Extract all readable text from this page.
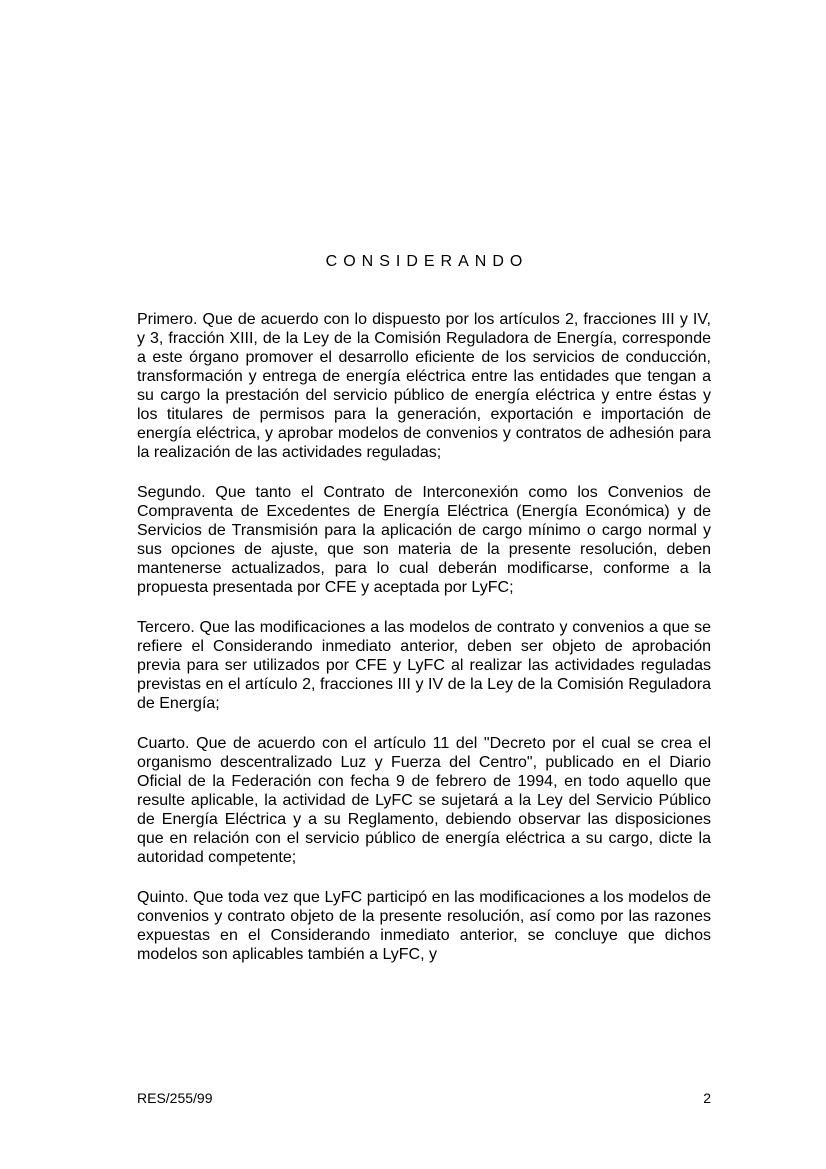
CONSIDERANDO

Primero. Que de acuerdo con lo dispuesto por los artículos 2, fracciones III y IV, y 3, fracción XIII, de la Ley de la Comisión Reguladora de Energía, corresponde a este órgano promover el desarrollo eficiente de los servicios de conducción, transformación y entrega de energía eléctrica entre las entidades que tengan a su cargo la prestación del servicio público de energía eléctrica y entre éstas y los titulares de permisos para la generación, exportación e importación de energía eléctrica, y aprobar modelos de convenios y contratos de adhesión para la realización de las actividades reguladas;

Segundo. Que tanto el Contrato de Interconexión como los Convenios de Compraventa de Excedentes de Energía Eléctrica (Energía Económica) y de Servicios de Transmisión para la aplicación de cargo mínimo o cargo normal y sus opciones de ajuste, que son materia de la presente resolución, deben mantenerse actualizados, para lo cual deberán modificarse, conforme a la propuesta presentada por CFE y aceptada por LyFC;

Tercero. Que las modificaciones a las modelos de contrato y convenios a que se refiere el Considerando inmediato anterior, deben ser objeto de aprobación previa para ser utilizados por CFE y LyFC al realizar las actividades reguladas previstas en el artículo 2, fracciones III y IV de la Ley de la Comisión Reguladora de Energía;

Cuarto. Que de acuerdo con el artículo 11 del "Decreto por el cual se crea el organismo descentralizado Luz y Fuerza del Centro", publicado en el Diario Oficial de la Federación con fecha 9 de febrero de 1994, en todo aquello que resulte aplicable, la actividad de LyFC se sujetará a la Ley del Servicio Público de Energía Eléctrica y a su Reglamento, debiendo observar las disposiciones que en relación con el servicio público de energía eléctrica a su cargo, dicte la autoridad competente;

Quinto. Que toda vez que LyFC participó en las modificaciones a los modelos de convenios y contrato objeto de la presente resolución, así como por las razones expuestas en el Considerando inmediato anterior, se concluye que dichos modelos son aplicables también a LyFC, y

RES/255/99	2
